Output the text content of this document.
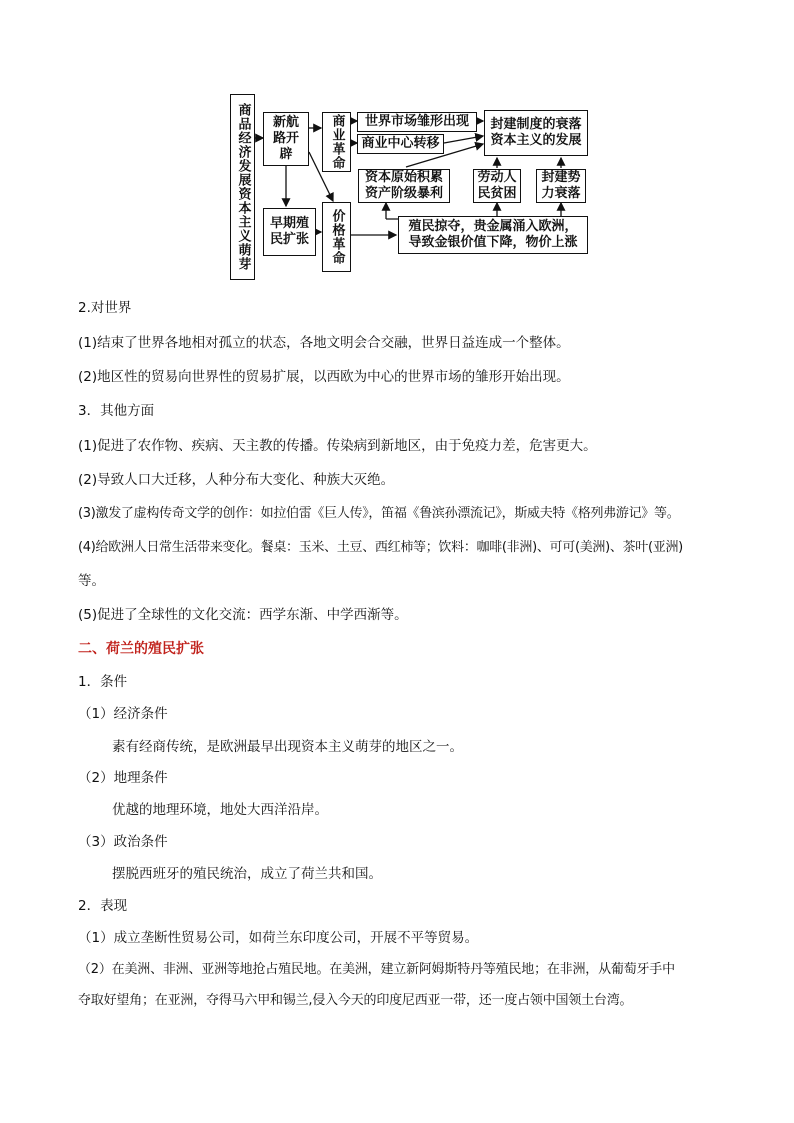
商品经济发展资本主义萌芽	新航路开辟
早期殖民扩张
商业革命
价格革命
世界市场雏形出现
商业中心转移
封建制度的衰落资本主义的发展
资本原始积累资产阶级暴利
劳动人民贫困
封建势力衰落
殖民掠夺，贵金属涌入欧洲，导致金银价值下降，物价上涨
2.对世界
(1)结束了世界各地相对孤立的状态，各地文明会合交融，世界日益连成一个整体。
(2)地区性的贸易向世界性的贸易扩展，以西欧为中心的世界市场的雏形开始出现。
3．其他方面
(1)促进了农作物、疾病、天主教的传播。传染病到新地区，由于免疫力差，危害更大。
(2)导致人口大迁移，人种分布大变化、种族大灭绝。
(3)激发了虚构传奇文学的创作：如拉伯雷《巨人传》，笛福《鲁滨孙漂流记》，斯威夫特《格列弗游记》等。
(4)给欧洲人日常生活带来变化。餐桌：玉米、土豆、西红柿等；饮料：咖啡(非洲)、可可(美洲)、茶叶(亚洲)
等。
(5)促进了全球性的文化交流：西学东渐、中学西渐等。
二、荷兰的殖民扩张
1．条件
（1）经济条件
素有经商传统，是欧洲最早出现资本主义萌芽的地区之一。
（2）地理条件
优越的地理环境，地处大西洋沿岸。
（3）政治条件
摆脱西班牙的殖民统治，成立了荷兰共和国。
2．表现
（1）成立垄断性贸易公司，如荷兰东印度公司，开展不平等贸易。
（2）在美洲、非洲、亚洲等地抢占殖民地。在美洲，建立新阿姆斯特丹等殖民地；在非洲，从葡萄牙手中
夺取好望角；在亚洲，夺得马六甲和锡兰,侵入今天的印度尼西亚一带，还一度占领中国领土台湾。
